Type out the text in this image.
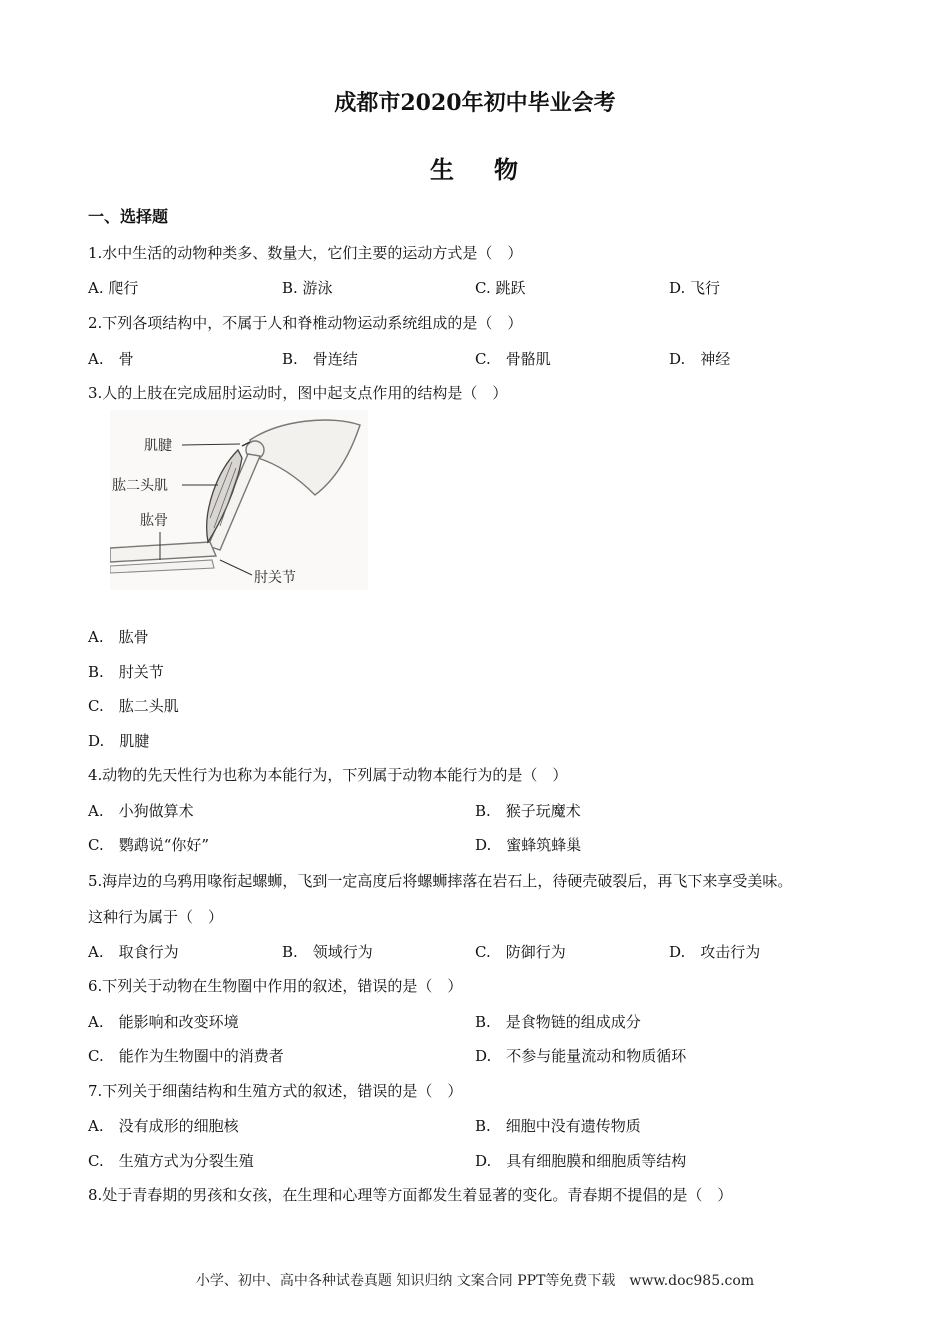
成都市2020年初中毕业会考
生 物
一、选择题
1.水中生活的动物种类多、数量大，它们主要的运动方式是（　）
A. 爬行	B. 游泳	C. 跳跃	D. 飞行
2.下列各项结构中，不属于人和脊椎动物运动系统组成的是（　）
A.　骨	B.　骨连结	C.　骨骼肌	D.　神经
3.人的上肢在完成屈肘运动时，图中起支点作用的结构是（　）
肌腱
肱二头肌
肱骨
肘关节
A.　肱骨
B.　肘关节
C.　肱二头肌
D.　肌腱
4.动物的先天性行为也称为本能行为，下列属于动物本能行为的是（　）
A.　小狗做算术	B.　猴子玩魔术
C.　鹦鹉说“你好”	D.　蜜蜂筑蜂巢
5.海岸边的乌鸦用喙衔起螺蛳，飞到一定高度后将螺蛳摔落在岩石上，待硬壳破裂后，再飞下来享受美味。
这种行为属于（　）
A.　取食行为	B.　领域行为	C.　防御行为	D.　攻击行为
6.下列关于动物在生物圈中作用的叙述，错误的是（　）
A.　能影响和改变环境	B.　是食物链的组成成分
C.　能作为生物圈中的消费者	D.　不参与能量流动和物质循环
7.下列关于细菌结构和生殖方式的叙述，错误的是（　）
A.　没有成形的细胞核	B.　细胞中没有遗传物质
C.　生殖方式为分裂生殖	D.　具有细胞膜和细胞质等结构
8.处于青春期的男孩和女孩，在生理和心理等方面都发生着显著的变化。青春期不提倡的是（　）
小学、初中、高中各种试卷真题 知识归纳 文案合同 PPT等免费下载　www.doc985.com
